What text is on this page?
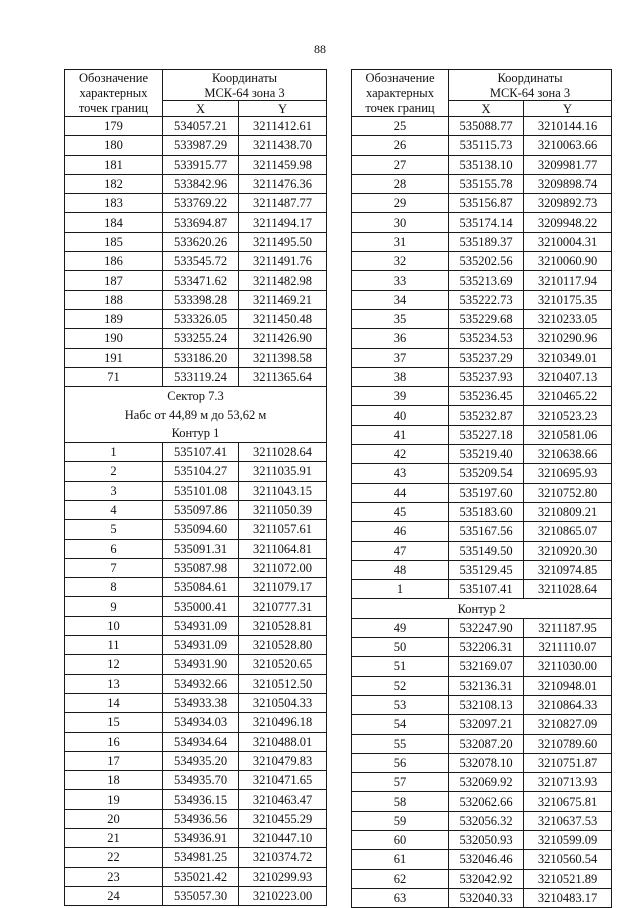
88
Обозначение
характерных
точек границ	Координаты	
	МСК-64 зона 3	
	X	Y
179	534057.21	3211412.61
180	533987.29	3211438.70
181	533915.77	3211459.98
182	533842.96	3211476.36
183	533769.22	3211487.77
184	533694.87	3211494.17
185	533620.26	3211495.50
186	533545.72	3211491.76
187	533471.62	3211482.98
188	533398.28	3211469.21
189	533326.05	3211450.48
190	533255.24	3211426.90
191	533186.20	3211398.58
71	533119.24	3211365.64
Сектор 7.3		
Набс от 44,89 м до 53,62 м		
Контур 1		
1	535107.41	3211028.64
2	535104.27	3211035.91
3	535101.08	3211043.15
4	535097.86	3211050.39
5	535094.60	3211057.61
6	535091.31	3211064.81
7	535087.98	3211072.00
8	535084.61	3211079.17
9	535000.41	3210777.31
10	534931.09	3210528.81
11	534931.09	3210528.80
12	534931.90	3210520.65
13	534932.66	3210512.50
14	534933.38	3210504.33
15	534934.03	3210496.18
16	534934.64	3210488.01
17	534935.20	3210479.83
18	534935.70	3210471.65
19	534936.15	3210463.47
20	534936.56	3210455.29
21	534936.91	3210447.10
22	534981.25	3210374.72
23	535021.42	3210299.93
24	535057.30	3210223.00
Обозначение
характерных
точек границ	Координаты	
	МСК-64 зона 3	
	X	Y
25	535088.77	3210144.16
26	535115.73	3210063.66
27	535138.10	3209981.77
28	535155.78	3209898.74
29	535156.87	3209892.73
30	535174.14	3209948.22
31	535189.37	3210004.31
32	535202.56	3210060.90
33	535213.69	3210117.94
34	535222.73	3210175.35
35	535229.68	3210233.05
36	535234.53	3210290.96
37	535237.29	3210349.01
38	535237.93	3210407.13
39	535236.45	3210465.22
40	535232.87	3210523.23
41	535227.18	3210581.06
42	535219.40	3210638.66
43	535209.54	3210695.93
44	535197.60	3210752.80
45	535183.60	3210809.21
46	535167.56	3210865.07
47	535149.50	3210920.30
48	535129.45	3210974.85
1	535107.41	3211028.64
Контур 2		
49	532247.90	3211187.95
50	532206.31	3211110.07
51	532169.07	3211030.00
52	532136.31	3210948.01
53	532108.13	3210864.33
54	532097.21	3210827.09
55	532087.20	3210789.60
56	532078.10	3210751.87
57	532069.92	3210713.93
58	532062.66	3210675.81
59	532056.32	3210637.53
60	532050.93	3210599.09
61	532046.46	3210560.54
62	532042.92	3210521.89
63	532040.33	3210483.17
